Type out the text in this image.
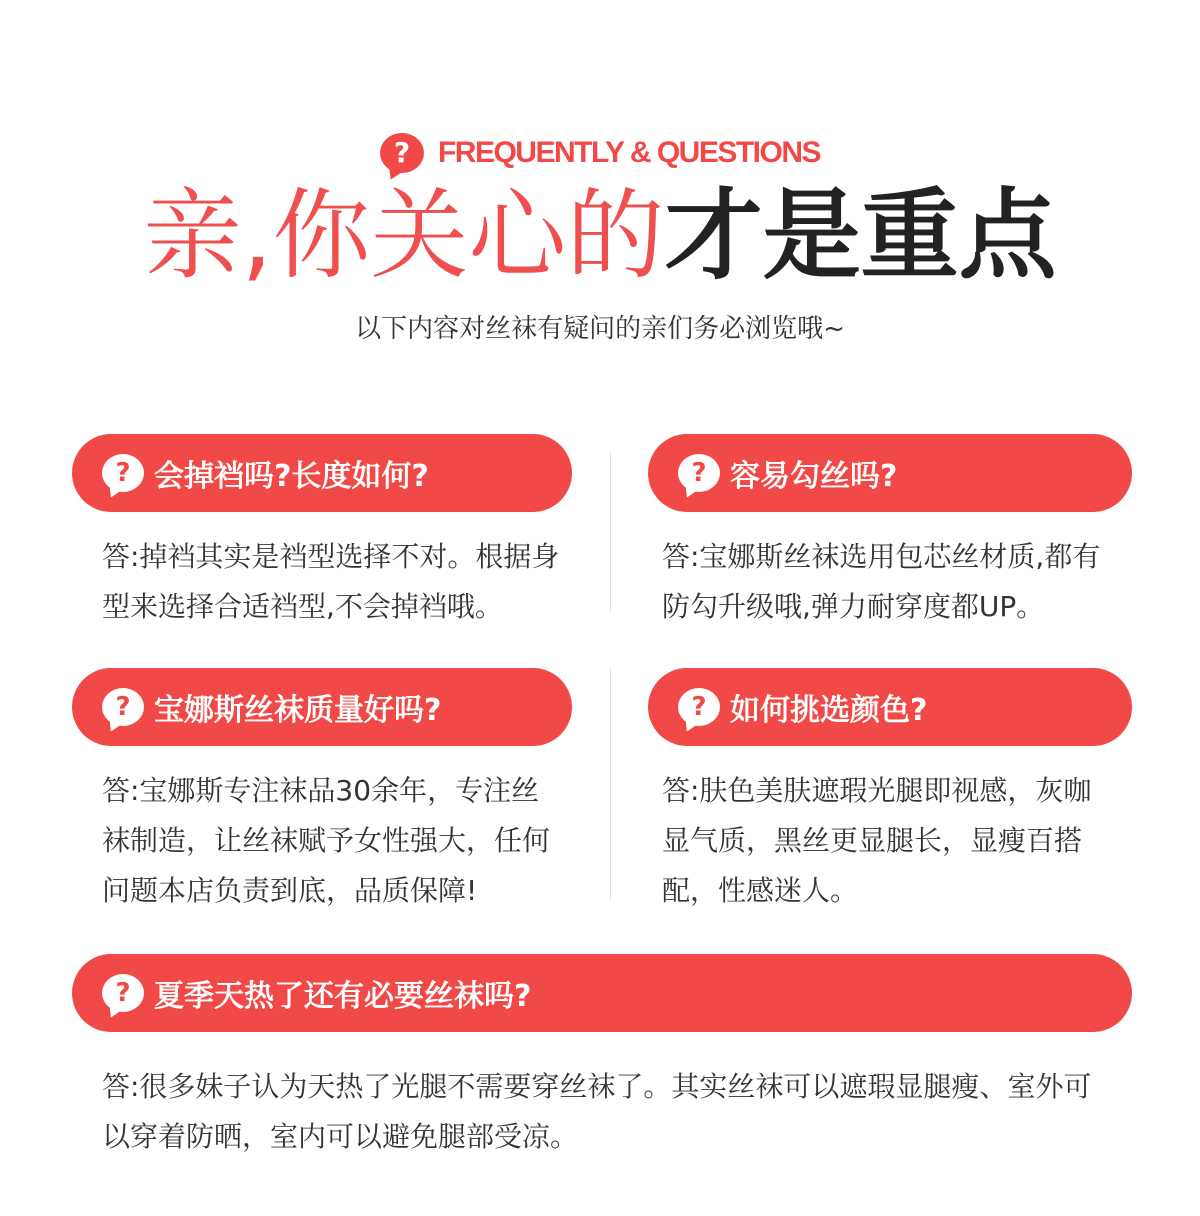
? FREQUENTLY & QUESTIONS
亲,你关心的才是重点
以下内容对丝袜有疑问的亲们务必浏览哦~
? 会掉裆吗?长度如何?
答:掉裆其实是裆型选择不对。根据身型来选择合适裆型,不会掉裆哦。
? 容易勾丝吗?
答:宝娜斯丝袜选用包芯丝材质,都有防勾升级哦,弹力耐穿度都UP。
? 宝娜斯丝袜质量好吗?
答:宝娜斯专注袜品30余年，专注丝袜制造，让丝袜赋予女性强大，任何问题本店负责到底，品质保障!
? 如何挑选颜色?
答:肤色美肤遮瑕光腿即视感，灰咖显气质，黑丝更显腿长，显瘦百搭配，性感迷人。
? 夏季天热了还有必要丝袜吗?
答:很多妹子认为天热了光腿不需要穿丝袜了。其实丝袜可以遮瑕显腿瘦、室外可以穿着防晒，室内可以避免腿部受凉。
